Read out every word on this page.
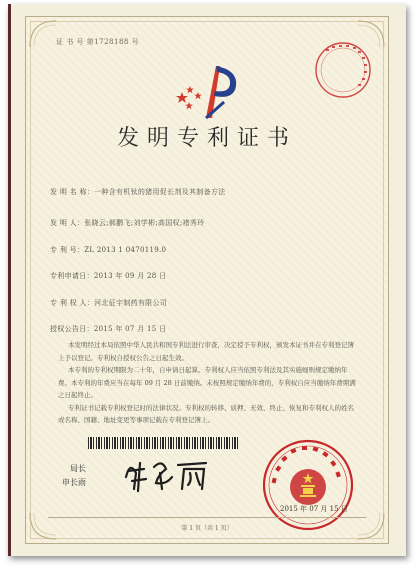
证 书 号 第1728188 号
发明专利证书
发 明 名 称：一种含有机钛的猪用促长剂及其制备方法
发 明 人：张晓云;郝鹏飞;刘学彬;高国权;褚秀玲
专 利 号：ZL 2013 1 0470119.0
专利申请日：2013 年 09 月 28 日
专 利 权 人：河北征宇制药有限公司
授权公告日：2015 年 07 月 15 日

本发明经过本局依照中华人民共和国专利法进行审查，决定授予专利权，颁发本证书并在专利登记簿上予以登记。专利权自授权公告之日起生效。

本专利的专利权期限为二十年，自申请日起算。专利权人应当依照专利法及其实施细则规定缴纳年费。本专利的年费应当在每年 09 月 28 日前缴纳。未按照规定缴纳年费的，专利权自应当缴纳年费期满之日起终止。

专利证书记载专利权登记时的法律状况。专利权的转移、质押、无效、终止、恢复和专利权人的姓名或名称、国籍、地址变更等事项记载在专利登记簿上。

局长
申长雨
2015 年 07 月 15 日
第 1 页（共 1 页）
